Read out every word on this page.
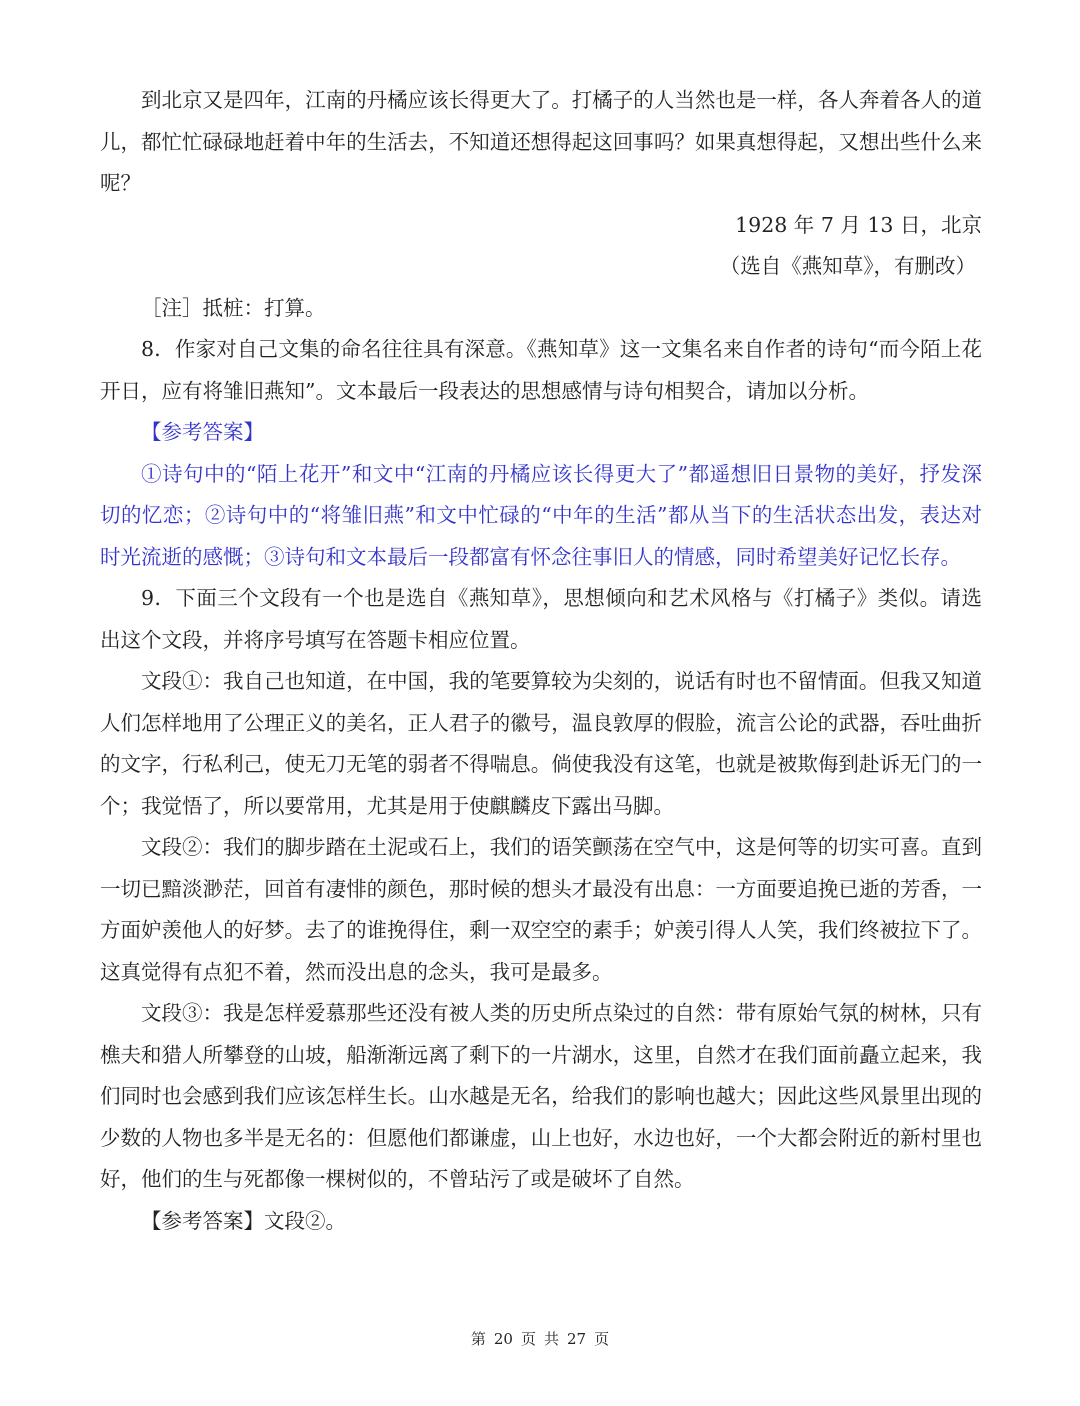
到北京又是四年，江南的丹橘应该长得更大了。打橘子的人当然也是一样，各人奔着各人的道儿，都忙忙碌碌地赶着中年的生活去，不知道还想得起这回事吗？如果真想得起，又想出些什么来呢？

1928 年 7 月 13 日，北京

（选自《燕知草》，有删改）

［注］抵桩：打算。

8．作家对自己文集的命名往往具有深意。《燕知草》这一文集名来自作者的诗句“而今陌上花开日，应有将雏旧燕知”。文本最后一段表达的思想感情与诗句相契合，请加以分析。

【参考答案】

①诗句中的“陌上花开”和文中“江南的丹橘应该长得更大了”都遥想旧日景物的美好，抒发深切的忆恋；②诗句中的“将雏旧燕”和文中忙碌的“中年的生活”都从当下的生活状态出发，表达对时光流逝的感慨；③诗句和文本最后一段都富有怀念往事旧人的情感，同时希望美好记忆长存。

9．下面三个文段有一个也是选自《燕知草》，思想倾向和艺术风格与《打橘子》类似。请选出这个文段，并将序号填写在答题卡相应位置。

文段①：我自己也知道，在中国，我的笔要算较为尖刻的，说话有时也不留情面。但我又知道人们怎样地用了公理正义的美名，正人君子的徽号，温良敦厚的假脸，流言公论的武器，吞吐曲折的文字，行私利己，使无刀无笔的弱者不得喘息。倘使我没有这笔，也就是被欺侮到赴诉无门的一个；我觉悟了，所以要常用，尤其是用于使麒麟皮下露出马脚。

文段②：我们的脚步踏在土泥或石上，我们的语笑颤荡在空气中，这是何等的切实可喜。直到一切已黯淡渺茫，回首有凄悱的颜色，那时候的想头才最没有出息：一方面要追挽已逝的芳香，一方面妒羡他人的好梦。去了的谁挽得住，剩一双空空的素手；妒羡引得人人笑，我们终被拉下了。这真觉得有点犯不着，然而没出息的念头，我可是最多。

文段③：我是怎样爱慕那些还没有被人类的历史所点染过的自然：带有原始气氛的树林，只有樵夫和猎人所攀登的山坡，船渐渐远离了剩下的一片湖水，这里，自然才在我们面前矗立起来，我们同时也会感到我们应该怎样生长。山水越是无名，给我们的影响也越大；因此这些风景里出现的少数的人物也多半是无名的：但愿他们都谦虚，山上也好，水边也好，一个大都会附近的新村里也好，他们的生与死都像一棵树似的，不曾玷污了或是破坏了自然。

【参考答案】文段②。

第 20 页 共 27 页
